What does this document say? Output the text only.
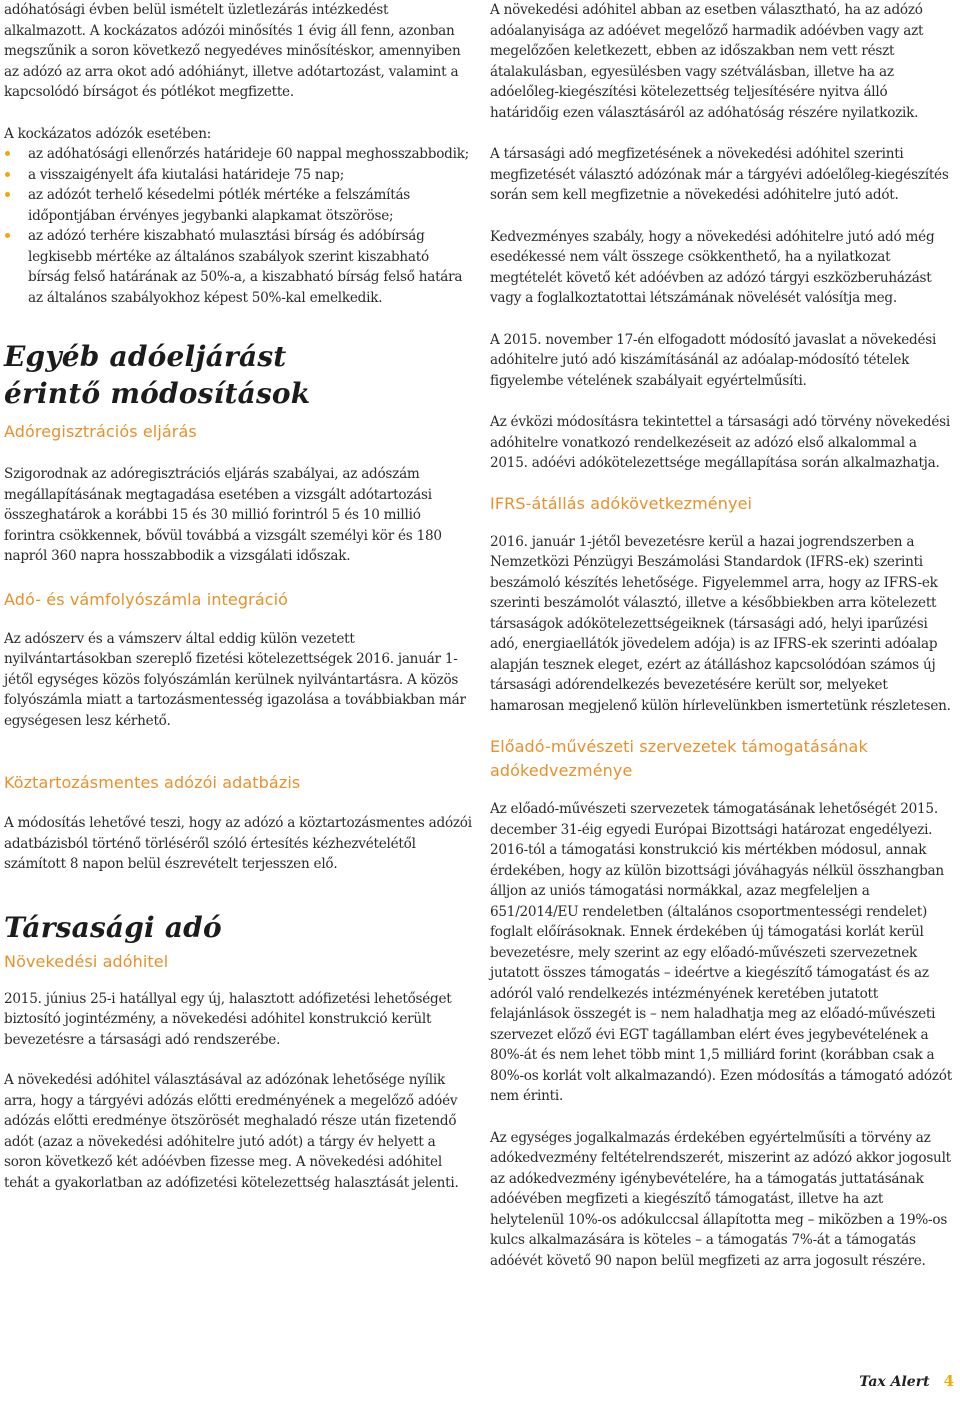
adóhatósági évben belül ismételt üzletlezárás intézkedést alkalmazott. A kockázatos adózói minősítés 1 évig áll fenn, azonban megszűnik a soron következő negyedéves minősítéskor, amennyiben az adózó az arra okot adó adóhiányt, illetve adótartozást, valamint a kapcsolódó bírságot és pótlékot megfizette.

A kockázatos adózók esetében:

az adóhatósági ellenőrzés határideje 60 nappal meghosszabbodik;
a visszaigényelt áfa kiutalási határideje 75 nap;
az adózót terhelő késedelmi pótlék mértéke a felszámítás időpontjában érvényes jegybanki alapkamat ötszöröse;
az adózó terhére kiszabható mulasztási bírság és adóbírság legkisebb mértéke az általános szabályok szerint kiszabható bírság felső határának az 50%-a, a kiszabható bírság felső határa az általános szabályokhoz képest 50%-kal emelkedik.
Egyéb adóeljárást érintő módosítások
Adóregisztrációs eljárás

Szigorodnak az adóregisztrációs eljárás szabályai, az adószám megállapításának megtagadása esetében a vizsgált adótartozási összeghatárok a korábbi 15 és 30 millió forintról 5 és 10 millió forintra csökkennek, bővül továbbá a vizsgált személyi kör és 180 napról 360 napra hosszabbodik a vizsgálati időszak.

Adó- és vámfolyószámla integráció

Az adószerv és a vámszerv által eddig külön vezetett nyilvántartásokban szereplő fizetési kötelezettségek 2016. január 1-jétől egységes közös folyószámlán kerülnek nyilvántartásra. A közös folyószámla miatt a tartozásmentesség igazolása a továbbiakban már egységesen lesz kérhető.

Köztartozásmentes adózói adatbázis

A módosítás lehetővé teszi, hogy az adózó a köztartozásmentes adózói adatbázisból történő törléséről szóló értesítés kézhezvételétől számított 8 napon belül észrevételt terjesszen elő.

Társasági adó
Növekedési adóhitel

2015. június 25-i hatállyal egy új, halasztott adófizetési lehetőséget biztosító jogintézmény, a növekedési adóhitel konstrukció került bevezetésre a társasági adó rendszerébe.

A növekedési adóhitel választásával az adózónak lehetősége nyílik arra, hogy a tárgyévi adózás előtti eredményének a megelőző adóév adózás előtti eredménye ötszörösét meghaladó része után fizetendő adót (azaz a növekedési adóhitelre jutó adót) a tárgy év helyett a soron következő két adóévben fizesse meg. A növekedési adóhitel tehát a gyakorlatban az adófizetési kötelezettség halasztását jelenti.

A növekedési adóhitel abban az esetben választható, ha az adózó adóalanyisága az adóévet megelőző harmadik adóévben vagy azt megelőzően keletkezett, ebben az időszakban nem vett részt átalakulásban, egyesülésben vagy szétválásban, illetve ha az adóelőleg-kiegészítési kötelezettség teljesítésére nyitva álló határidőig ezen választásáról az adóhatóság részére nyilatkozik.

A társasági adó megfizetésének a növekedési adóhitel szerinti megfizetését választó adózónak már a tárgyévi adóelőleg-kiegészítés során sem kell megfizetnie a növekedési adóhitelre jutó adót.

Kedvezményes szabály, hogy a növekedési adóhitelre jutó adó még esedékessé nem vált összege csökkenthető, ha a nyilatkozat megtételét követő két adóévben az adózó tárgyi eszközberuházást vagy a foglalkoztatottai létszámának növelését valósítja meg.

A 2015. november 17-én elfogadott módosító javaslat a növekedési adóhitelre jutó adó kiszámításánál az adóalap-módosító tételek figyelembe vételének szabályait egyértelműsíti.

Az évközi módosításra tekintettel a társasági adó törvény növekedési adóhitelre vonatkozó rendelkezéseit az adózó első alkalommal a 2015. adóévi adókötelezettsége megállapítása során alkalmazhatja.

IFRS-átállás adókövetkezményei

2016. január 1-jétől bevezetésre kerül a hazai jogrendszerben a Nemzetközi Pénzügyi Beszámolási Standardok (IFRS-ek) szerinti beszámoló készítés lehetősége. Figyelemmel arra, hogy az IFRS-ek szerinti beszámolót választó, illetve a későbbiekben arra kötelezett társaságok adókötelezettségeiknek (társasági adó, helyi iparűzési adó, energiaellátók jövedelem adója) is az IFRS-ek szerinti adóalap alapján tesznek eleget, ezért az átálláshoz kapcsolódóan számos új társasági adórendelkezés bevezetésére került sor, melyeket hamarosan megjelenő külön hírlevelünkben ismertetünk részletesen.

Előadó-művészeti szervezetek támogatásának adókedvezménye

Az előadó-művészeti szervezetek támogatásának lehetőségét 2015. december 31-éig egyedi Európai Bizottsági határozat engedélyezi. 2016-tól a támogatási konstrukció kis mértékben módosul, annak érdekében, hogy az külön bizottsági jóváhagyás nélkül összhangban álljon az uniós támogatási normákkal, azaz megfeleljen a 651/2014/EU rendeletben (általános csoportmentességi rendelet) foglalt előírásoknak. Ennek érdekében új támogatási korlát kerül bevezetésre, mely szerint az egy előadó-művészeti szervezetnek jutatott összes támogatás – ideértve a kiegészítő támogatást és az adóról való rendelkezés intézményének keretében jutatott felajánlások összegét is – nem haladhatja meg az előadó-művészeti szervezet előző évi EGT tagállamban elért éves jegybevételének a 80%-át és nem lehet több mint 1,5 milliárd forint (korábban csak a 80%-os korlát volt alkalmazandó). Ezen módosítás a támogató adózót nem érinti.

Az egységes jogalkalmazás érdekében egyértelműsíti a törvény az adókedvezmény feltételrendszerét, miszerint az adózó akkor jogosult az adókedvezmény igénybevételére, ha a támogatás juttatásának adóévében megfizeti a kiegészítő támogatást, illetve ha azt helytelenül 10%-os adókulccsal állapította meg – miközben a 19%-os kulcs alkalmazására is köteles – a támogatás 7%-át a támogatás adóévét követő 90 napon belül megfizeti az arra jogosult részére.

Tax Alert 4
